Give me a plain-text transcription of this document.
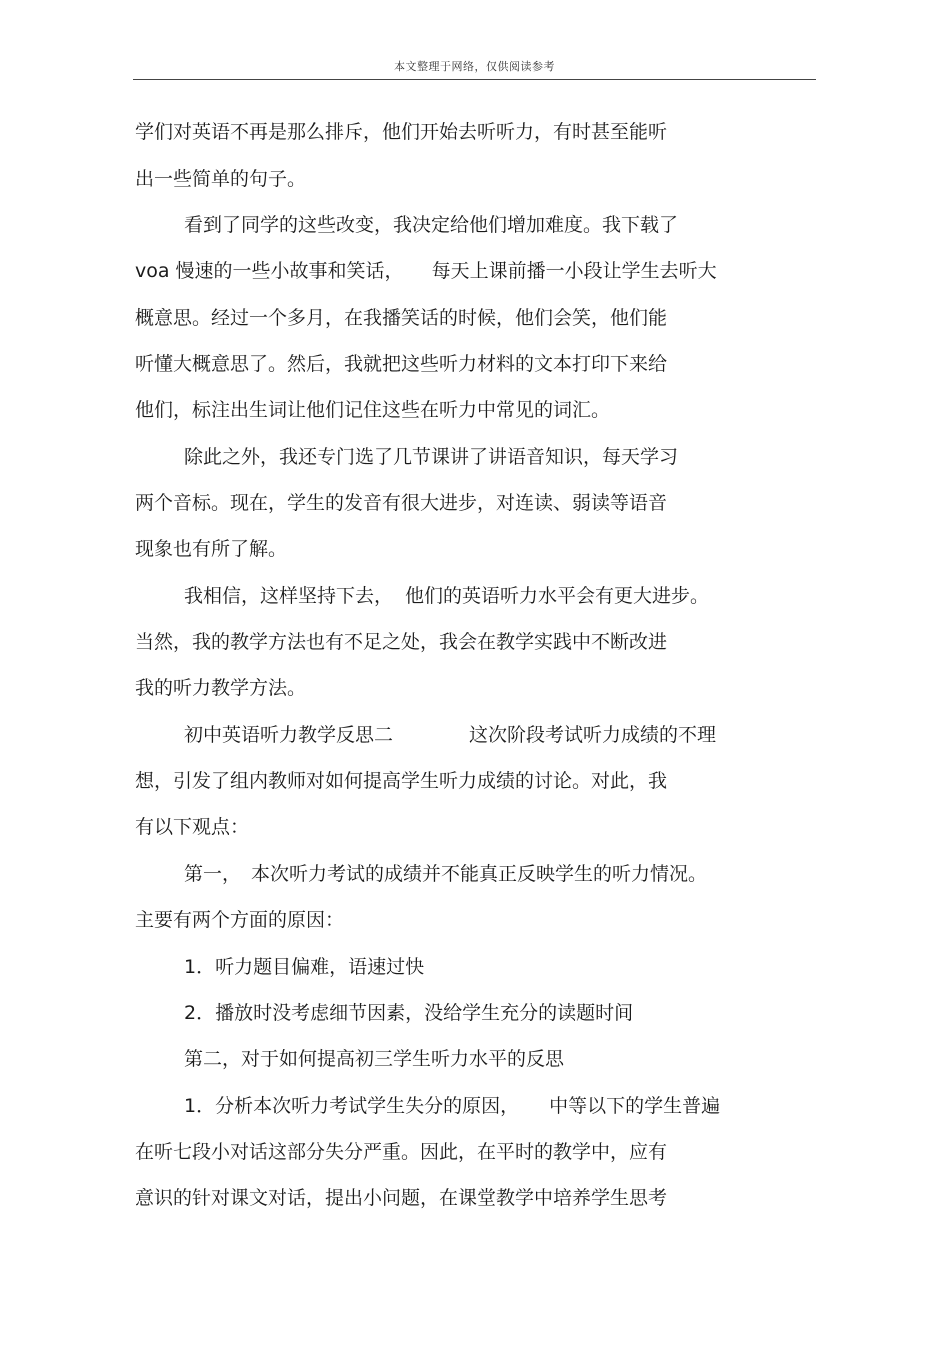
本文整理于网络，仅供阅读参考
学们对英语不再是那么排斥，他们开始去听听力，有时甚至能听
出一些简单的句子。
看到了同学的这些改变，我决定给他们增加难度。我下载了
voa 慢速的一些小故事和笑话， 每天上课前播一小段让学生去听大
概意思。经过一个多月，在我播笑话的时候，他们会笑，他们能
听懂大概意思了。然后，我就把这些听力材料的文本打印下来给
他们，标注出生词让他们记住这些在听力中常见的词汇。
除此之外，我还专门选了几节课讲了讲语音知识，每天学习
两个音标。现在，学生的发音有很大进步，对连读、弱读等语音
现象也有所了解。
我相信，这样坚持下去， 他们的英语听力水平会有更大进步。
当然，我的教学方法也有不足之处，我会在教学实践中不断改进
我的听力教学方法。
初中英语听力教学反思二	这次阶段考试听力成绩的不理
想，引发了组内教师对如何提高学生听力成绩的讨论。对此，我
有以下观点：
第一， 本次听力考试的成绩并不能真正反映学生的听力情况。
主要有两个方面的原因：
1．听力题目偏难，语速过快
2．播放时没考虑细节因素，没给学生充分的读题时间
第二，对于如何提高初三学生听力水平的反思
1．分析本次听力考试学生失分的原因， 中等以下的学生普遍
在听七段小对话这部分失分严重。因此，在平时的教学中，应有
意识的针对课文对话，提出小问题，在课堂教学中培养学生思考
